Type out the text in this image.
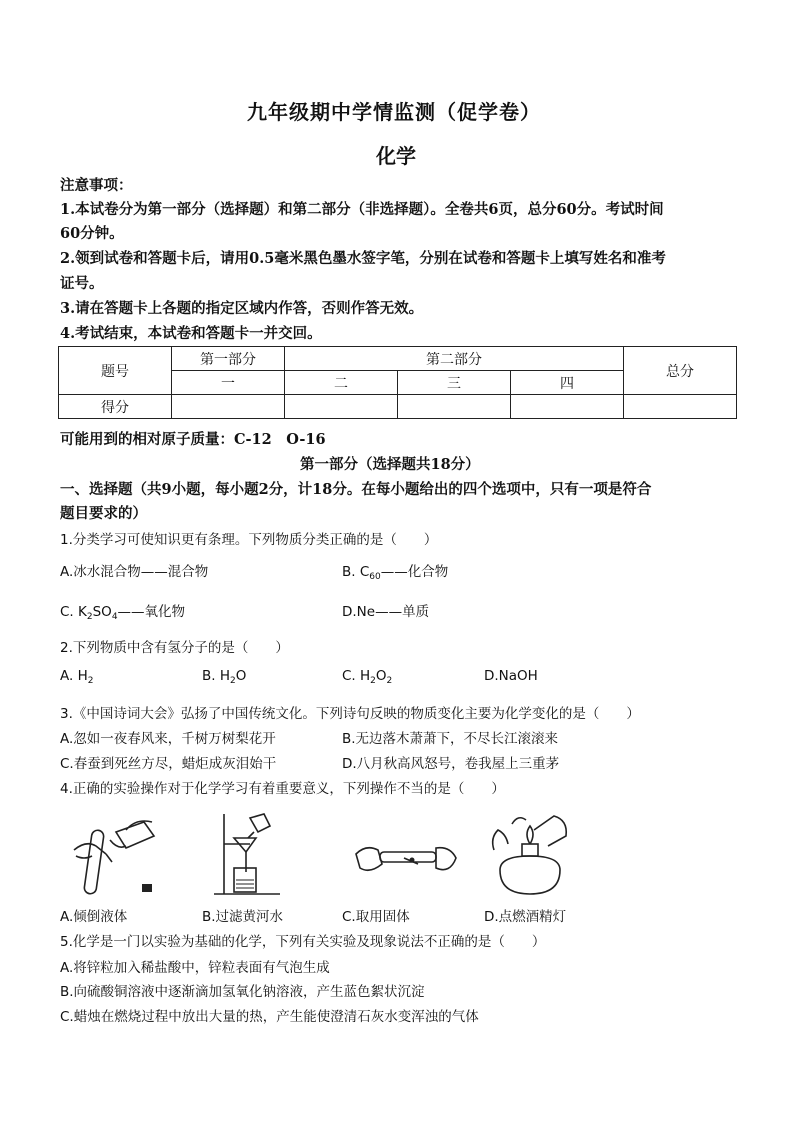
九年级期中学情监测（促学卷）
化学
注意事项：
1.本试卷分为第一部分（选择题）和第二部分（非选择题）。全卷共6页，总分60分。考试时间
60分钟。
2.领到试卷和答题卡后，请用0.5毫米黑色墨水签字笔，分别在试卷和答题卡上填写姓名和准考
证号。
3.请在答题卡上各题的指定区域内作答，否则作答无效。
4.考试结束，本试卷和答题卡一并交回。
题号	第一部分	第二部分			总分
	一	二	三	四	
得分					
可能用到的相对原子质量：C-12　O-16
第一部分（选择题共18分）
一、选择题（共9小题，每小题2分，计18分。在每小题给出的四个选项中，只有一项是符合
题目要求的）
1.分类学习可使知识更有条理。下列物质分类正确的是（　　）
A.冰水混合物——混合物	B. $C_{60}——$化合物
C. $K_2SO_4——$氧化物	D.Ne——单质
2.下列物质中含有氢分子的是（　　）
A. $H_2$	B. $H_2O$	C. $H_2O_2$	D.NaOH
3.《中国诗词大会》弘扬了中国传统文化。下列诗句反映的物质变化主要为化学变化的是（　　）
A.忽如一夜春风来，千树万树梨花开	B.无边落木萧萧下，不尽长江滚滚来
C.春蚕到死丝方尽，蜡炬成灰泪始干	D.八月秋高风怒号，卷我屋上三重茅
4.正确的实验操作对于化学学习有着重要意义，下列操作不当的是（　　）
A.倾倒液体	B.过滤黄河水	C.取用固体	D.点燃酒精灯
5.化学是一门以实验为基础的化学，下列有关实验及现象说法不正确的是（　　）
A.将锌粒加入稀盐酸中，锌粒表面有气泡生成
B.向硫酸铜溶液中逐渐滴加氢氧化钠溶液，产生蓝色絮状沉淀
C.蜡烛在燃烧过程中放出大量的热，产生能使澄清石灰水变浑浊的气体
